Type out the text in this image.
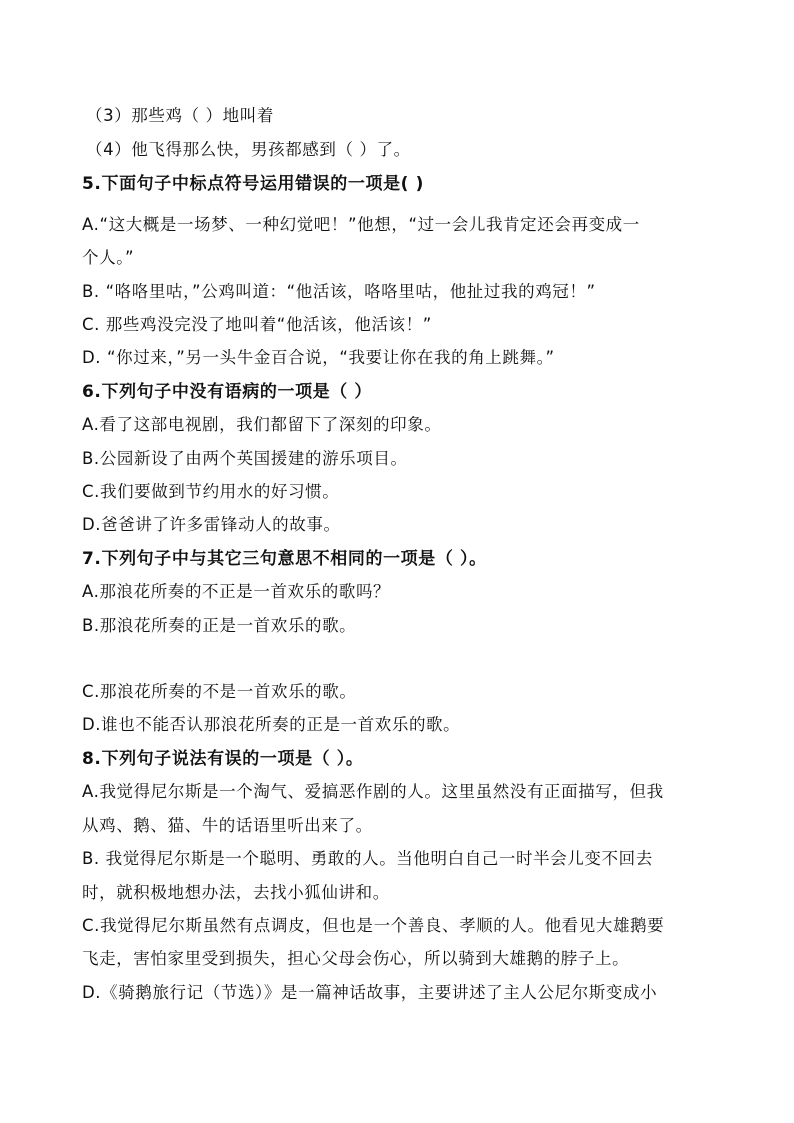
（3）那些鸡（ ）地叫着
（4）他飞得那么快，男孩都感到（ ）了。
5.下面句子中标点符号运用错误的一项是( )
A.“这大概是一场梦、一种幻觉吧！”他想，“过一会儿我肯定还会再变成一
个人。”
B. “咯咯里咕，”公鸡叫道：“他活该，咯咯里咕，他扯过我的鸡冠！”
C. 那些鸡没完没了地叫着“他活该，他活该！”
D. “你过来，”另一头牛金百合说，“我要让你在我的角上跳舞。”
6.下列句子中没有语病的一项是（ ）
A.看了这部电视剧，我们都留下了深刻的印象。
B.公园新设了由两个英国援建的游乐项目。
C.我们要做到节约用水的好习惯。
D.爸爸讲了许多雷锋动人的故事。
7.下列句子中与其它三句意思不相同的一项是（ ）。
A.那浪花所奏的不正是一首欢乐的歌吗？
B.那浪花所奏的正是一首欢乐的歌。
C.那浪花所奏的不是一首欢乐的歌。
D.谁也不能否认那浪花所奏的正是一首欢乐的歌。
8.下列句子说法有误的一项是（ ）。
A.我觉得尼尔斯是一个淘气、爱搞恶作剧的人。这里虽然没有正面描写，但我
从鸡、鹅、猫、牛的话语里听出来了。
B. 我觉得尼尔斯是一个聪明、勇敢的人。当他明白自己一时半会儿变不回去
时，就积极地想办法，去找小狐仙讲和。
C.我觉得尼尔斯虽然有点调皮，但也是一个善良、孝顺的人。他看见大雄鹅要
飞走，害怕家里受到损失，担心父母会伤心，所以骑到大雄鹅的脖子上。
D.《骑鹅旅行记（节选）》是一篇神话故事，主要讲述了主人公尼尔斯变成小
